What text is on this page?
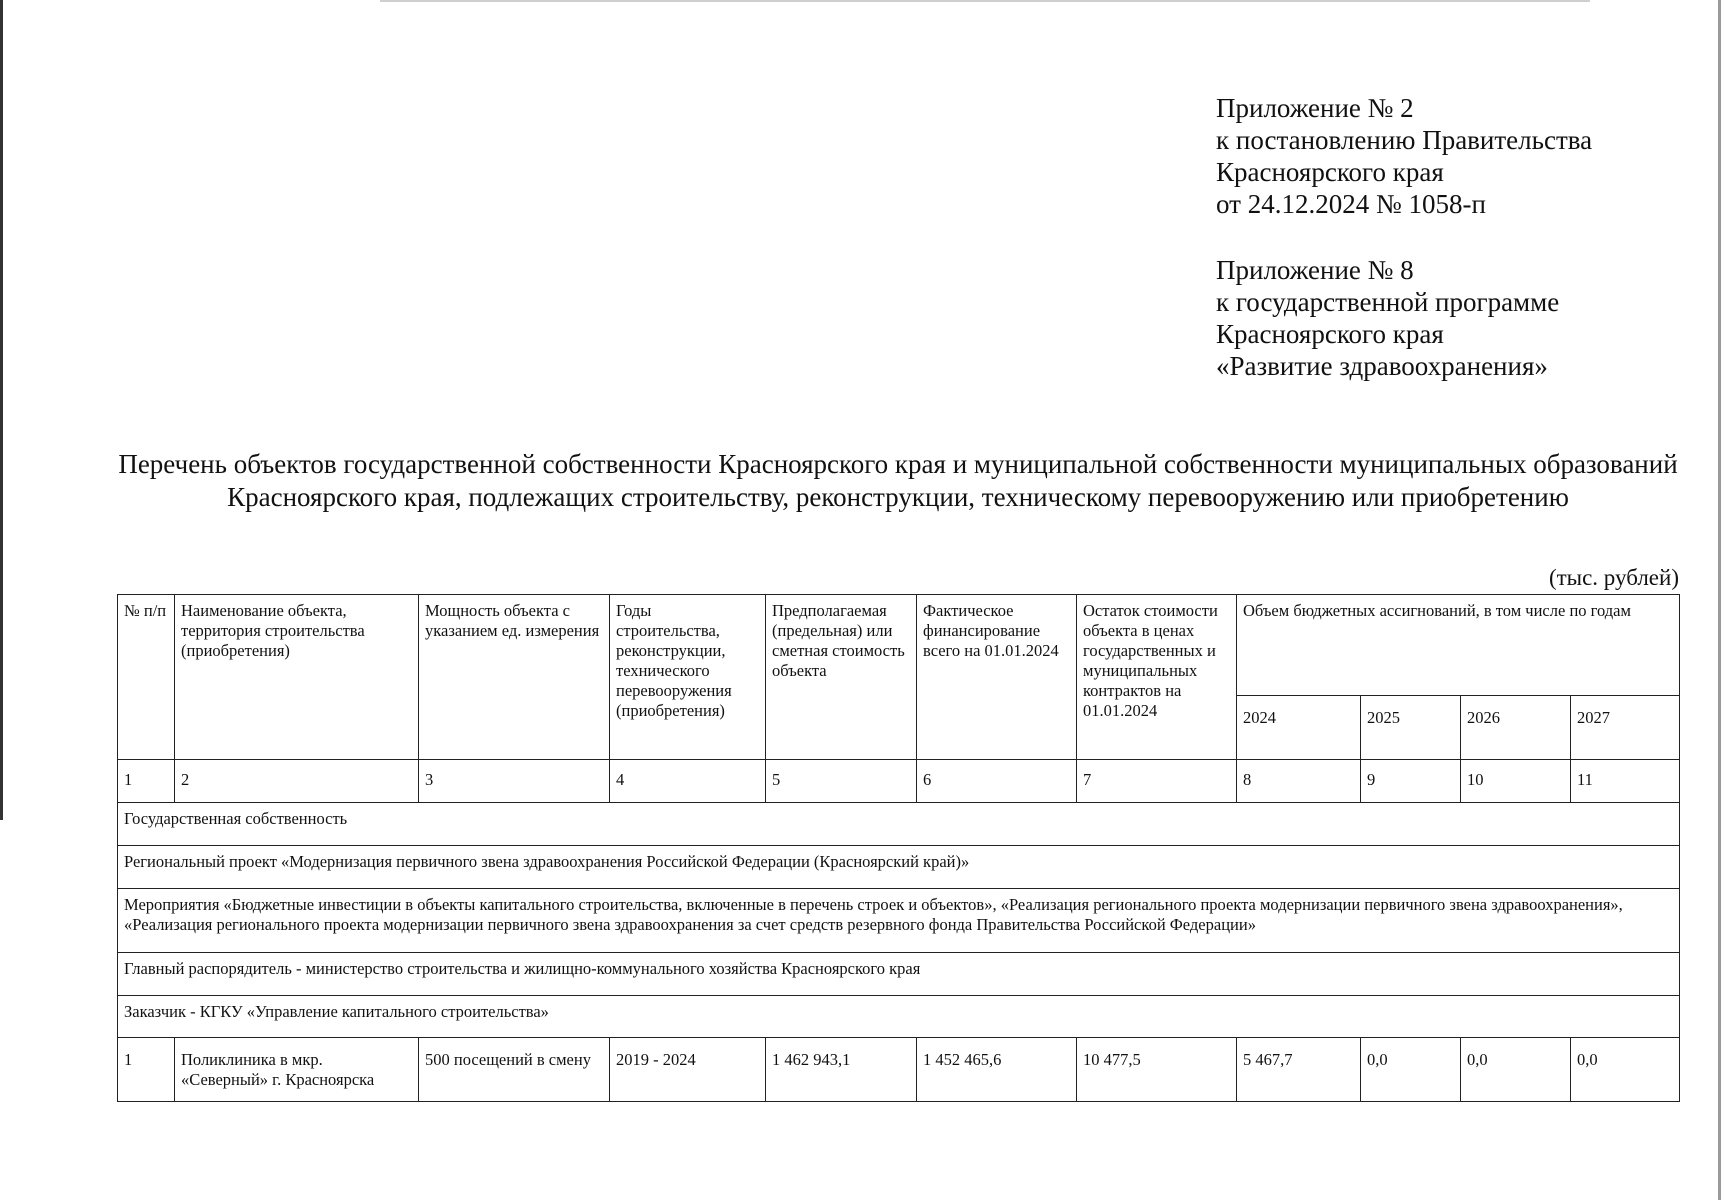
Приложение № 2
к постановлению Правительства
Красноярского края
от 24.12.2024 № 1058-п
Приложение № 8
к государственной программе
Красноярского края
«Развитие здравоохранения»
Перечень объектов государственной собственности Красноярского края и муниципальной собственности муниципальных образований Красноярского края, подлежащих строительству, реконструкции, техническому перевооружению или приобретению
(тыс. рублей)
№ п/п	Наименование объекта, территория строительства (приобретения)	Мощность объекта с указанием ед. измерения	Годы строительства, реконструкции, технического перевооружения (приобретения)	Предполагаемая (предельная) или сметная стоимость объекта	Фактическое финансирование всего на 01.01.2024	Остаток стоимости объекта в ценах государственных и муниципальных контрактов на 01.01.2024	Объем бюджетных ассигнований, в том числе по годам			
							2024	2025	2026	2027
1	2	3	4	5	6	7	8	9	10	11
Государственная собственность										
Региональный проект «Модернизация первичного звена здравоохранения Российской Федерации (Красноярский край)»										
Мероприятия «Бюджетные инвестиции в объекты капитального строительства, включенные в перечень строек и объектов», «Реализация регионального проекта модернизации первичного звена здравоохранения», «Реализация регионального проекта модернизации первичного звена здравоохранения за счет средств резервного фонда Правительства Российской Федерации»										
Главный распорядитель - министерство строительства и жилищно-коммунального хозяйства Красноярского края										
Заказчик - КГКУ «Управление капитального строительства»										
1	Поликлиника в мкр. «Северный» г. Красноярска	500 посещений в смену	2019 - 2024	1 462 943,1	1 452 465,6	10 477,5	5 467,7	0,0	0,0	0,0
